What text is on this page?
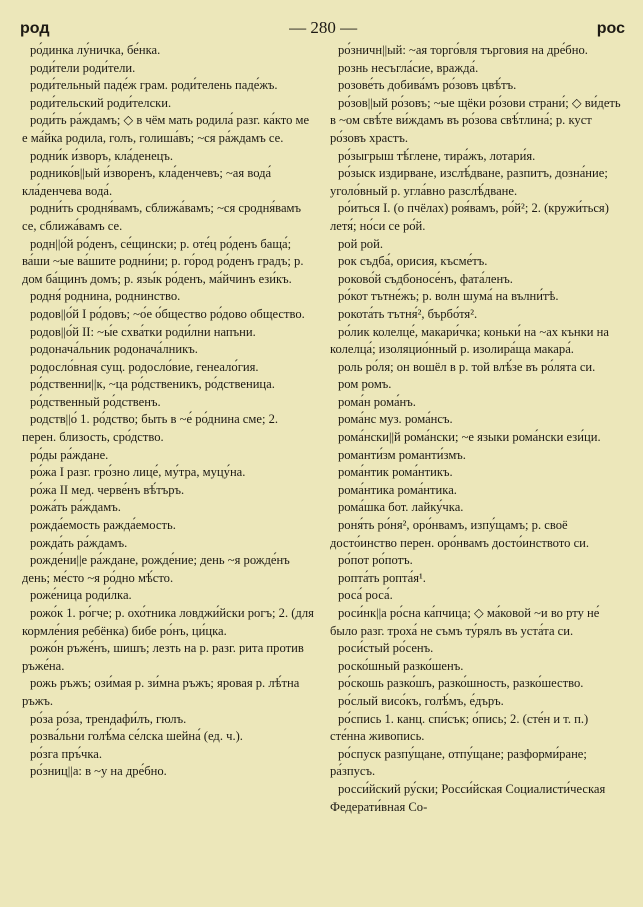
род	— 280 —	рос

ро́динка лу́ничка, бе́нка.

роди́тели роди́тели.

роди́тельный паде́ж грам. роди́телень паде́жъ.

роди́тельский роди́телски.

роди́ть ра́ждамъ; ◇ в чём мать родила́ разг. ка́кто ме е ма́йка родила, голъ, голиша́въ; ~ся ра́ждамъ се.

родни́к и́зворъ, кла́денецъ.

роднико́в||ый и́зворенъ, кла́денчевъ; ~ая вода́ кла́денчева вода́.

родни́ть сродня́вамъ, сближа́вамъ; ~ся сродня́вамъ се, сближа́вамъ се.

родн||о́й ро́денъ, се́щински; р. оте́ц ро́денъ баща́; ва́ши ~ые ва́шите родни́ни; р. го́род ро́денъ градъ; р. дом ба́щинъ домъ; р. язы́к ро́денъ, ма́йчинъ ези́къ.

родня́ роднина, роднинство.

родов||о́й I ро́довъ; ~о́е о́бщество ро́дово общество.

родов||о́й II: ~ы́е схва́тки роди́лни напъни.

родонача́льник родонача́лникъ.

родосло́вная сущ. родосло́вие, генеало́гия.

ро́дственни||к, ~ца ро́дственикъ, ро́дственица.

ро́дственный ро́дственъ.

родств||о́ 1. ро́дство; быть в ~е́ ро́днина сме; 2. перен. близость, сро́дство.

ро́ды ра́ждане.

ро́жа I разг. гро́зно лице́, му́тра, муцу́на.

ро́жа II мед. черве́нъ вѣ́търъ.

рожа́ть ра́ждамъ.

рожда́емость ражда́емость.

рожда́ть ра́ждамъ.

рожде́ни||е ра́ждане, рожде́ние; день ~я рожде́нъ день; ме́сто ~я ро́дно мѣ́сто.

роже́ница роди́лка.

рожо́к 1. ро́гче; р. охо́тника ловджи́йски рогъ; 2. (для кормле́ния ребёнка) бибе ро́нъ, ци́цка.

рожо́н ръже́нъ, шишъ; лезть на р. разг. рита против ръже́на.

рожь ръжъ; ози́мая р. зи́мна ръжъ; яровая р. лѣ́тна ръжъ.

ро́за ро́за, трендафи́лъ, гюлъ.

розва́льни голѣ́ма се́лска шейна́ (ед. ч.).

ро́зга пръ́чка.

ро́зниц||а: в ~у на дре́бно.

ро́зничн||ый: ~ая торго́вля търговия на дре́бно.

рознь несъгла́сие, вражда́.

розове́ть добива́мъ ро́зовъ цвѣ́тъ.

ро́зов||ый ро́зовъ; ~ые щёки ро́зови страни́; ◇ ви́деть в ~ом свѣ́те ви́ждамъ въ ро́зова свѣ́тлина́; р. куст ро́зовъ храстъ.

ро́зыгрыш тѣ́глене, тира́жъ, лотари́я.

ро́зыск издирване, изслѣ́дване, разпитъ, дозна́ние; уголо́вный р. угла́вно разслѣ́дване.

ро́иться I. (о пчёлах) роя́вамъ, ро́й²; 2. (кружи́ться) летя́; но́си се ро́й.

рой рой.

рок съдба́, орисия, късме́тъ.

роково́й съдбоносе́нъ, фата́ленъ.

ро́кот тътне́жъ; р. волн шума́ на вълни́тѣ.

рокота́ть тътня́², бърбо́тя².

ро́лик колелце́, макари́чка; коньки́ на ~ах кънки на колелца́; изоляцио́нный р. изолира́ща макара́.

роль ро́ля; он вошёл в р. той влѣ́зе въ ро́лята си.

ром ромъ.

рома́н рома́нъ.

рома́нс муз. рома́нсъ.

рома́нски||й рома́нски; ~е языки рома́нски ези́ци.

романти́зм романти́змъ.

рома́нтик рома́нтикъ.

рома́нтика рома́нтика.

рома́шка бот. лайку́чка.

роня́ть ро́ня², оро́нвамъ, изпу́щамъ; р. своё досто́инство перен. оро́нвамъ досто́инството си.

ро́пот ро́потъ.

ропта́ть ропта́я¹.

роса́ роса́.

роси́нк||а ро́сна ка́пчица; ◇ ма́ковой ~и во рту не́ было разг. троха́ не съмъ ту́рялъ въ уста́та си.

роси́стый ро́сенъ.

роско́шный разко́шенъ.

ро́скошь разко́шъ, разко́шность, разко́шество.

ро́слый висо́къ, голѣ́мъ, е́дъръ.

ро́спись 1. канц. спи́сък; о́пись; 2. (сте́н и т. п.) сте́нна живопись.

ро́спуск разпу́щане, отпу́щане; разформи́ране; ра́зпусъ.

росси́йский ру́ски; Росси́йская Социалисти́ческая Федерати́вная Со-
